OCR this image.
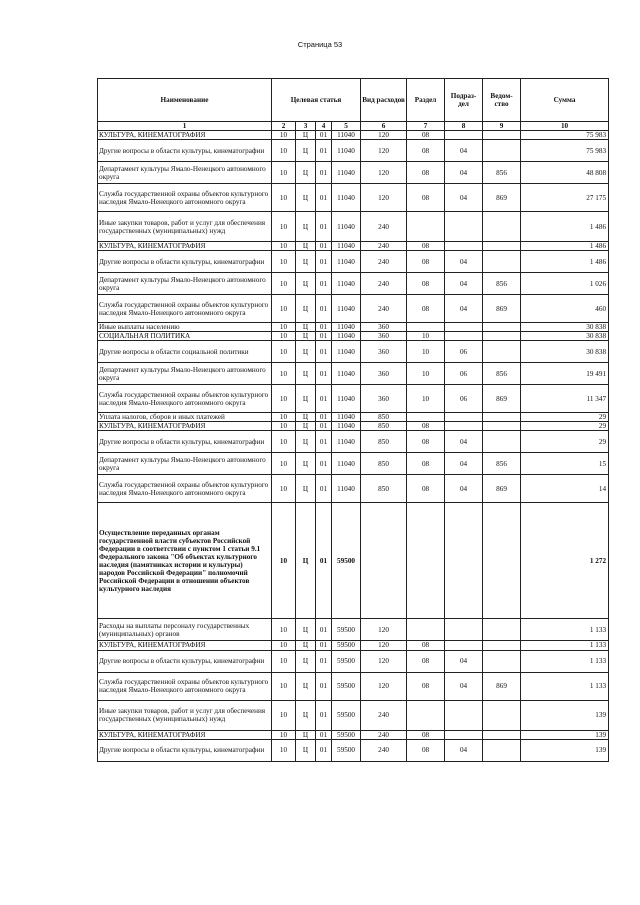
Страница 53
Наименование	Целевая статья				Вид расходов	Раздел	Подраз-дел	Ведом-ство	Сумма
1	2	3	4	5	6	7	8	9	10
КУЛЬТУРА, КИНЕМАТОГРАФИЯ	10	Ц	01	11040	120	08			75 983
Другие вопросы в области культуры, кинематографии	10	Ц	01	11040	120	08	04		75 983
Департамент культуры Ямало-Ненецкого автономного округа	10	Ц	01	11040	120	08	04	856	48 808
Служба государственной охраны объектов культурного наследия Ямало-Ненецкого автономного округа	10	Ц	01	11040	120	08	04	869	27 175
Иные закупки товаров, работ и услуг для обеспечения государственных (муниципальных) нужд	10	Ц	01	11040	240				1 486
КУЛЬТУРА, КИНЕМАТОГРАФИЯ	10	Ц	01	11040	240	08			1 486
Другие вопросы в области культуры, кинематографии	10	Ц	01	11040	240	08	04		1 486
Департамент культуры Ямало-Ненецкого автономного округа	10	Ц	01	11040	240	08	04	856	1 026
Служба государственной охраны объектов культурного наследия Ямало-Ненецкого автономного округа	10	Ц	01	11040	240	08	04	869	460
Иные выплаты населению	10	Ц	01	11040	360				30 838
СОЦИАЛЬНАЯ ПОЛИТИКА	10	Ц	01	11040	360	10			30 838
Другие вопросы в области социальной политики	10	Ц	01	11040	360	10	06		30 838
Департамент культуры Ямало-Ненецкого автономного округа	10	Ц	01	11040	360	10	06	856	19 491
Служба государственной охраны объектов культурного наследия Ямало-Ненецкого автономного округа	10	Ц	01	11040	360	10	06	869	11 347
Уплата налогов, сборов и иных платежей	10	Ц	01	11040	850				29
КУЛЬТУРА, КИНЕМАТОГРАФИЯ	10	Ц	01	11040	850	08			29
Другие вопросы в области культуры, кинематографии	10	Ц	01	11040	850	08	04		29
Департамент культуры Ямало-Ненецкого автономного округа	10	Ц	01	11040	850	08	04	856	15
Служба государственной охраны объектов культурного наследия Ямало-Ненецкого автономного округа	10	Ц	01	11040	850	08	04	869	14
Осуществление переданных органам государственной власти субъектов Российской Федерации в соответствии с пунктом 1 статьи 9.1 Федерального закона "Об объектах культурного наследия (памятниках истории и культуры) народов Российской Федерации" полномочий Российской Федерации в отношении объектов культурного наследия	10	Ц	01	59500					1 272
Расходы на выплаты персоналу государственных (муниципальных) органов	10	Ц	01	59500	120				1 133
КУЛЬТУРА, КИНЕМАТОГРАФИЯ	10	Ц	01	59500	120	08			1 133
Другие вопросы в области культуры, кинематографии	10	Ц	01	59500	120	08	04		1 133
Служба государственной охраны объектов культурного наследия Ямало-Ненецкого автономного округа	10	Ц	01	59500	120	08	04	869	1 133
Иные закупки товаров, работ и услуг для обеспечения государственных (муниципальных) нужд	10	Ц	01	59500	240				139
КУЛЬТУРА, КИНЕМАТОГРАФИЯ	10	Ц	01	59500	240	08			139
Другие вопросы в области культуры, кинематографии	10	Ц	01	59500	240	08	04		139
